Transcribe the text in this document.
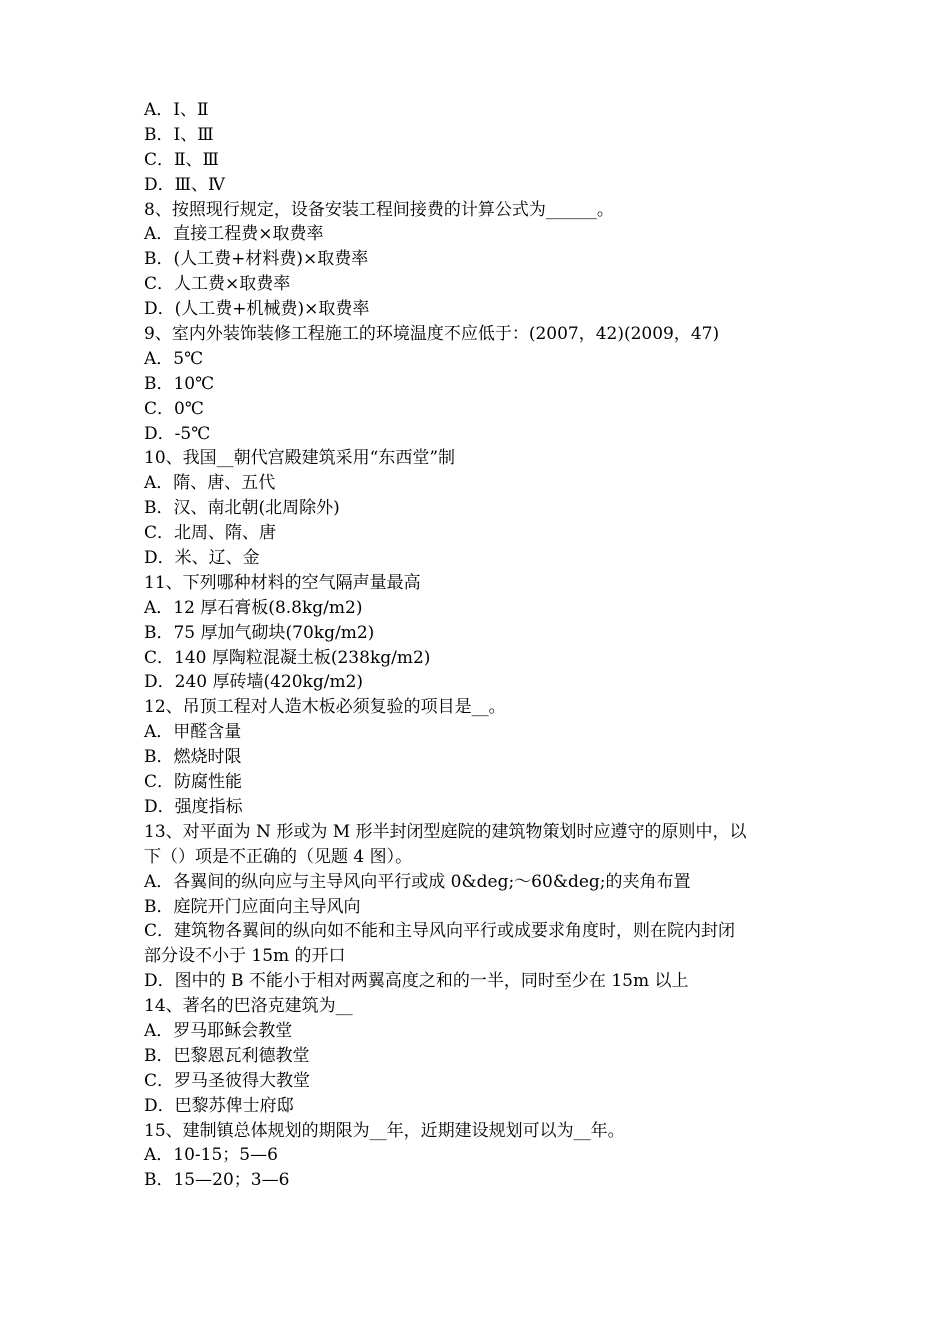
A．Ⅰ、Ⅱ
B．Ⅰ、Ⅲ
C．Ⅱ、Ⅲ
D．Ⅲ、Ⅳ
8、按照现行规定，设备安装工程间接费的计算公式为______。
A．直接工程费×取费率
B．(人工费+材料费)×取费率
C．人工费×取费率
D．(人工费+机械费)×取费率
9、室内外装饰装修工程施工的环境温度不应低于：(2007，42)(2009，47)
A．5℃
B．10℃
C．0℃
D．-5℃
10、我国__朝代宫殿建筑采用“东西堂”制
A．隋、唐、五代
B．汉、南北朝(北周除外)
C．北周、隋、唐
D．米、辽、金
11、下列哪种材料的空气隔声量最高
A．12 厚石膏板(8.8kg/m2)
B．75 厚加气砌块(70kg/m2)
C．140 厚陶粒混凝土板(238kg/m2)
D．240 厚砖墙(420kg/m2)
12、吊顶工程对人造木板必须复验的项目是__。
A．甲醛含量
B．燃烧时限
C．防腐性能
D．强度指标
13、对平面为 N 形或为 M 形半封闭型庭院的建筑物策划时应遵守的原则中，以
下（）项是不正确的（见题 4 图）。
A．各翼间的纵向应与主导风向平行或成 0&deg;～60&deg;的夹角布置
B．庭院开门应面向主导风向
C．建筑物各翼间的纵向如不能和主导风向平行或成要求角度时，则在院内封闭
部分设不小于 15m 的开口
D．图中的 B 不能小于相对两翼高度之和的一半，同时至少在 15m 以上
14、著名的巴洛克建筑为__
A．罗马耶稣会教堂
B．巴黎恩瓦利德教堂
C．罗马圣彼得大教堂
D．巴黎苏俾士府邸
15、建制镇总体规划的期限为__年，近期建设规划可以为__年。
A．10-15；5—6
B．15—20；3—6
